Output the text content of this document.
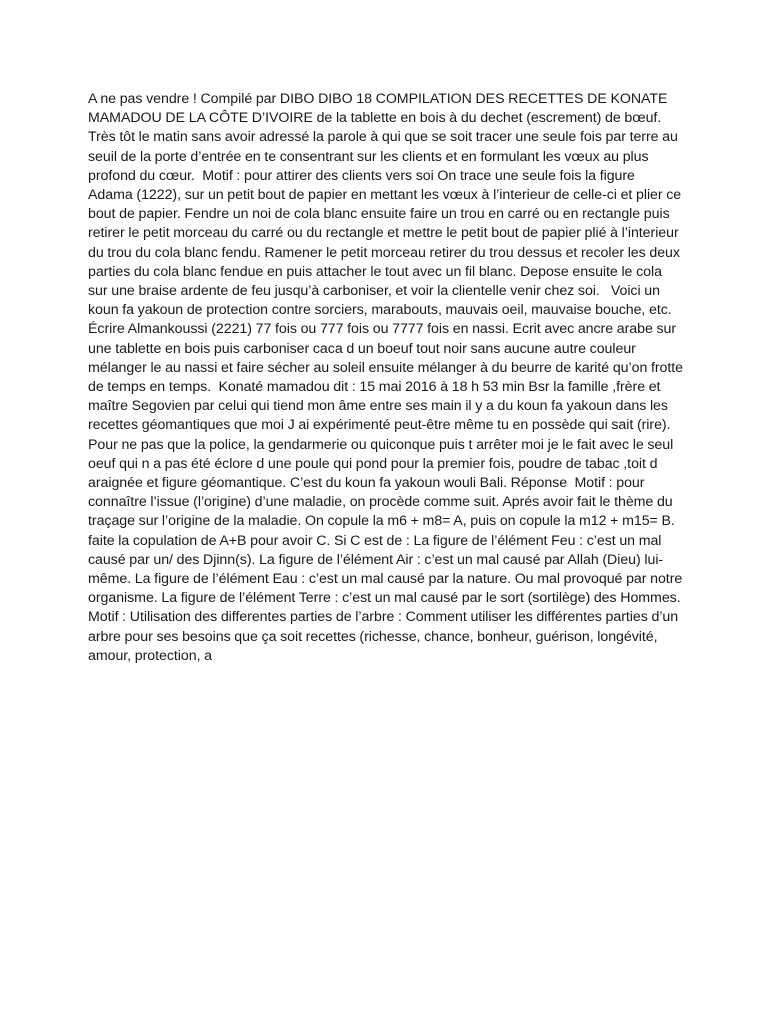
A ne pas vendre ! Compilé par DIBO DIBO 18 COMPILATION DES RECETTES DE KONATE
MAMADOU DE LA CÔTE D’IVOIRE de la tablette en bois à du dechet (escrement) de bœuf.
Très tôt le matin sans avoir adressé la parole à qui que se soit tracer une seule fois par terre au
seuil de la porte d’entrée en te consentrant sur les clients et en formulant les vœux au plus
profond du cœur.  Motif : pour attirer des clients vers soi On trace une seule fois la figure
Adama (1222), sur un petit bout de papier en mettant les vœux à l’interieur de celle-ci et plier ce
bout de papier. Fendre un noi de cola blanc ensuite faire un trou en carré ou en rectangle puis
retirer le petit morceau du carré ou du rectangle et mettre le petit bout de papier plié à l’interieur
du trou du cola blanc fendu. Ramener le petit morceau retirer du trou dessus et recoler les deux
parties du cola blanc fendue en puis attacher le tout avec un fil blanc. Depose ensuite le cola
sur une braise ardente de feu jusqu’à carboniser, et voir la clientelle venir chez soi.   Voici un
koun fa yakoun de protection contre sorciers, marabouts, mauvais oeil, mauvaise bouche, etc.
Écrire Almankoussi (2221) 77 fois ou 777 fois ou 7777 fois en nassi. Ecrit avec ancre arabe sur
une tablette en bois puis carboniser caca d un boeuf tout noir sans aucune autre couleur
mélanger le au nassi et faire sécher au soleil ensuite mélanger à du beurre de karité qu’on frotte
de temps en temps.  Konaté mamadou dit : 15 mai 2016 à 18 h 53 min Bsr la famille ,frère et
maître Segovien par celui qui tiend mon âme entre ses main il y a du koun fa yakoun dans les
recettes géomantiques que moi J ai expérimenté peut-être même tu en possède qui sait (rire).
Pour ne pas que la police, la gendarmerie ou quiconque puis t arrêter moi je le fait avec le seul
oeuf qui n a pas été éclore d une poule qui pond pour la premier fois, poudre de tabac ,toit d
araignée et figure géomantique. C’est du koun fa yakoun wouli Bali. Réponse  Motif : pour
connaître l’issue (l’origine) d’une maladie, on procède comme suit. Aprés avoir fait le thème du
traçage sur l’origine de la maladie. On copule la m6 + m8= A, puis on copule la m12 + m15= B.
faite la copulation de A+B pour avoir C. Si C est de : La figure de l’élément Feu : c’est un mal
causé par un/ des Djinn(s). La figure de l’élément Air : c’est un mal causé par Allah (Dieu) lui-
même. La figure de l’élément Eau : c’est un mal causé par la nature. Ou mal provoqué par notre
organisme. La figure de l’élément Terre : c’est un mal causé par le sort (sortilège) des Hommes.
Motif : Utilisation des differentes parties de l’arbre : Comment utiliser les différentes parties d’un
arbre pour ses besoins que ça soit recettes (richesse, chance, bonheur, guérison, longévité,
amour, protection, a
